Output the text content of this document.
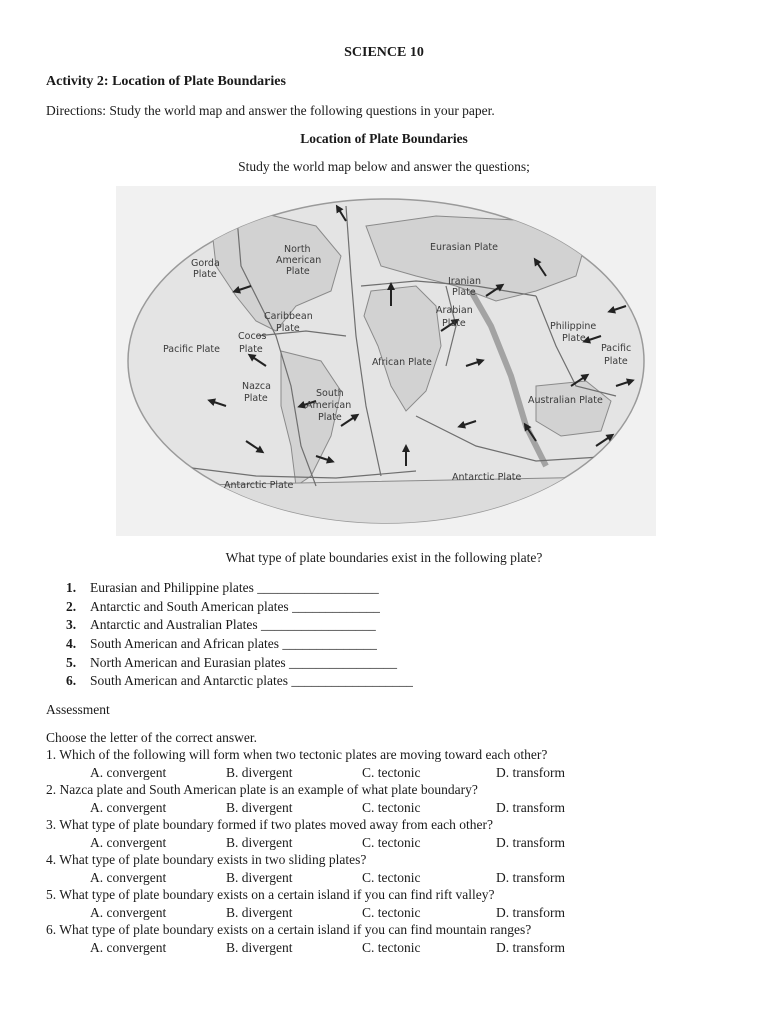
SCIENCE 10
Activity 2: Location of Plate Boundaries
Directions: Study the world map and answer the following questions in your paper.
Location of Plate Boundaries
Study the world map below and answer the questions;
Gorda
Plate
North
American
Plate
Eurasian Plate
Iranian
Plate
Arabian
Plate
Caribbean
Plate
Cocos
Plate
Pacific Plate
African Plate
Philippine
Plate
Pacific
Plate
Nazca
Plate	South
American
Plate
Australian Plate
Antarctic Plate
Antarctic Plate
What type of plate boundaries exist in the following plate?
1.	Eurasian and Philippine plates __________________
2.	Antarctic and South American plates _____________
3.	Antarctic and Australian Plates _________________
4.	South American and African plates ______________
5.	North American and Eurasian plates ________________
6.	South American and Antarctic plates __________________
Assessment
Choose the letter of the correct answer.
1. Which of the following will form when two tectonic plates are moving toward each other?
A. convergent	B. divergent	C. tectonic	D. transform
2. Nazca plate and South American plate is an example of what plate boundary?
A. convergent	B. divergent	C. tectonic	D. transform
3. What type of plate boundary formed if two plates moved away from each other?
A. convergent	B. divergent	C. tectonic	D. transform
4. What type of plate boundary exists in two sliding plates?
A. convergent	B. divergent	C. tectonic	D. transform
5. What type of plate boundary exists on a certain island if you can find rift valley?
A. convergent	B. divergent	C. tectonic	D. transform
6. What type of plate boundary exists on a certain island if you can find mountain ranges?
A. convergent	B. divergent	C. tectonic	D. transform
